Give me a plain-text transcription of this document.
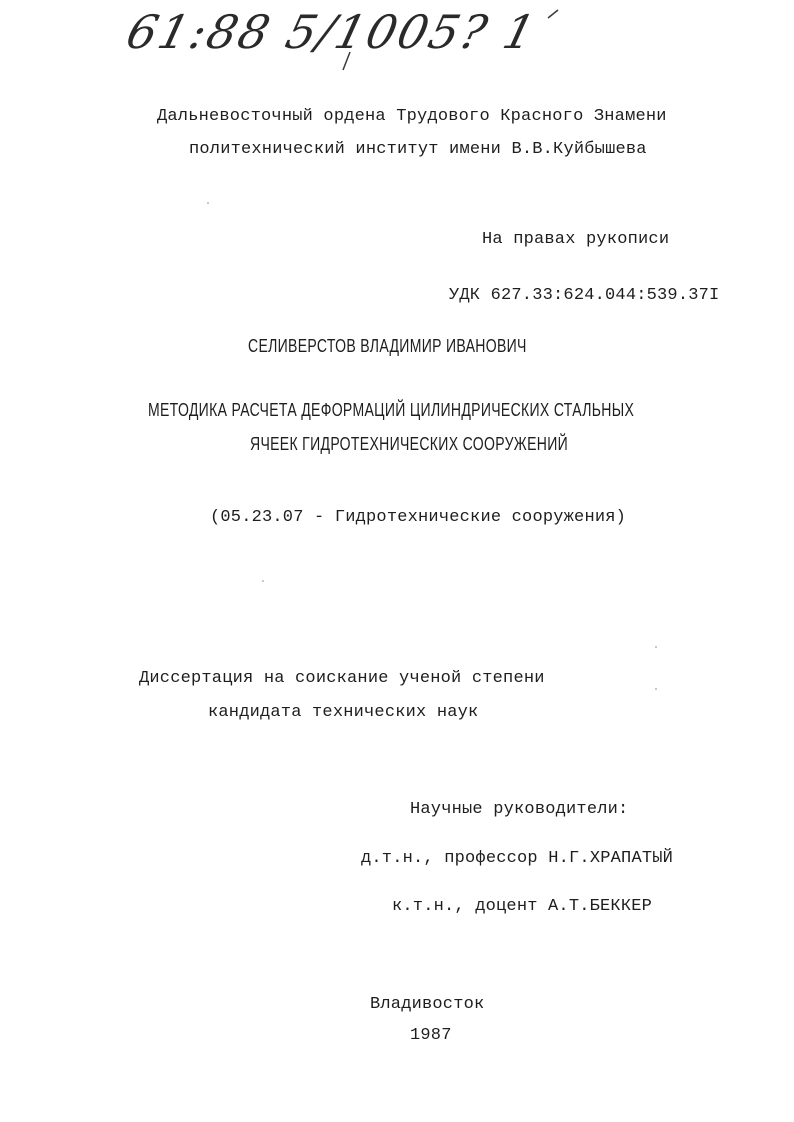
61:88 5/1005? 1
Дальневосточный ордена Трудового Красного Знамени
политехнический институт имени В.В.Куйбышева
На правах рукописи
УДК 627.33:624.044:539.37I
СЕЛИВЕРСТОВ ВЛАДИМИР ИВАНОВИЧ
МЕТОДИКА РАСЧЕТА ДЕФОРМАЦИЙ ЦИЛИНДРИЧЕСКИХ СТАЛЬНЫХ
ЯЧЕЕК ГИДРОТЕХНИЧЕСКИХ СООРУЖЕНИЙ
(05.23.07 - Гидротехнические сооружения)
Диссертация на соискание ученой степени
кандидата технических наук
Научные руководители:
д.т.н., профессор Н.Г.ХРАПАТЫЙ
к.т.н., доцент А.Т.БЕККЕР
Владивосток
1987
